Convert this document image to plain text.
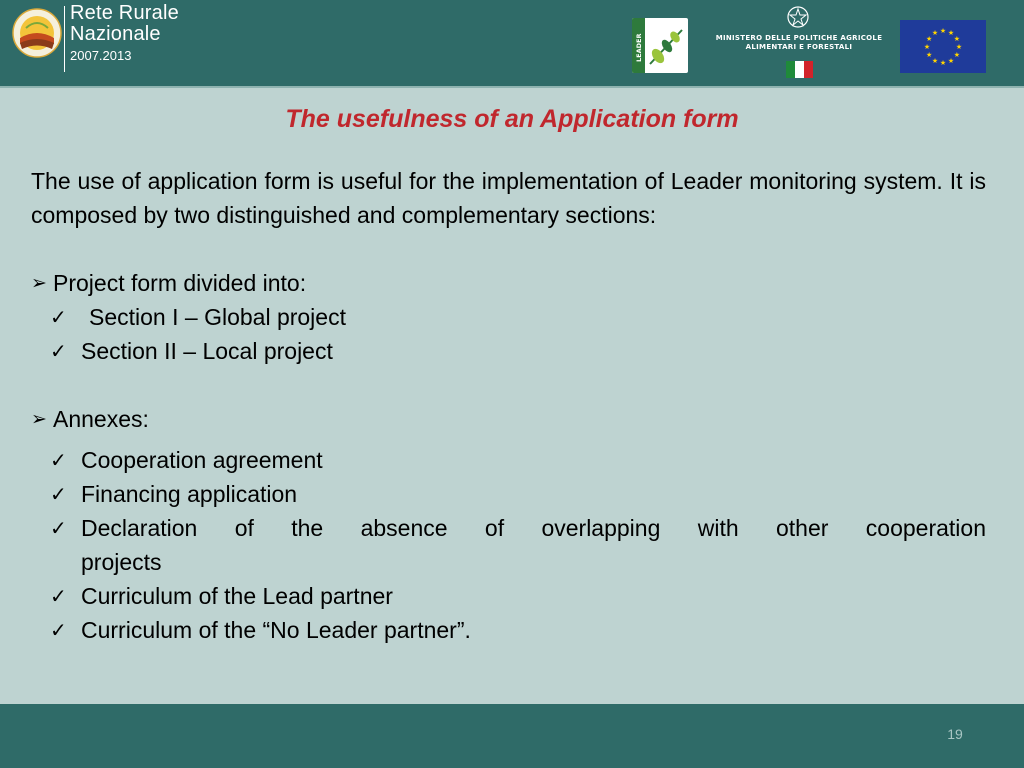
Rete Rurale
Nazionale
2007.2013	LEADER	MINISTERO DELLE POLITICHE AGRICOLE
ALIMENTARI E FORESTALI
★ ★
★
★
★
★
★
★
★
★
★
★
The usefulness of an Application form
The use of application form is useful for the implementation of Leader monitoring system. It is composed by two distinguished and complementary sections:
➢ Project form divided into:
✓ Section I – Global project
✓ Section II – Local project
➢ Annexes:
✓ Cooperation agreement
✓ Financing application
✓ Declaration of the absence of overlapping with other cooperation
projects
✓ Curriculum of the Lead partner
✓ Curriculum of the “No Leader partner”.
19
